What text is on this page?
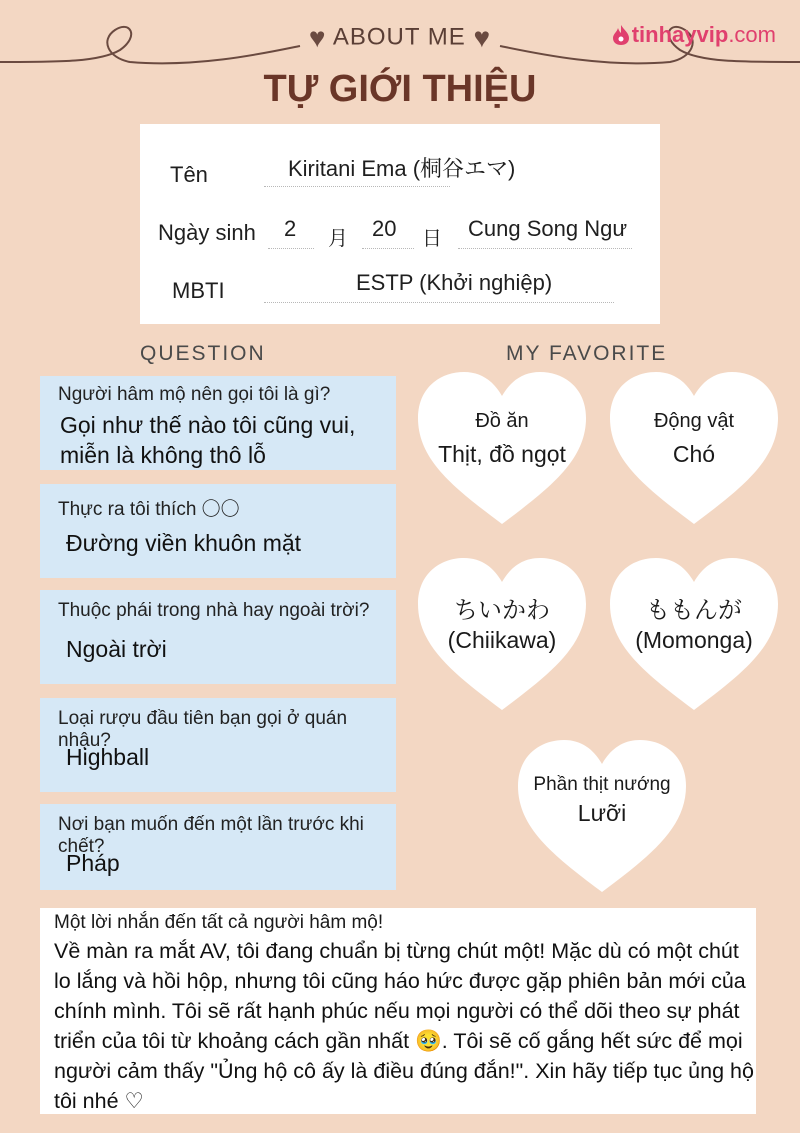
tinhayvip .com
♥ ABOUT ME ♥
TỰ GIỚI THIỆU
Tên	Kiritani Ema (桐谷エマ)
Ngày sinh 2 月 20 日 Cung Song Ngư
MBTI	ESTP (Khởi nghiệp)
QUESTION	MY FAVORITE
Người hâm mộ nên gọi tôi là gì?
Gọi như thế nào tôi cũng vui, miễn là không thô lỗ
Thực ra tôi thích 〇〇
Đường viền khuôn mặt
Thuộc phái trong nhà hay ngoài trời?
Ngoài trời
Loại rượu đầu tiên bạn gọi ở quán nhậu?
Highball
Nơi bạn muốn đến một lần trước khi chết?
Pháp
Đồ ăn
Thịt, đồ ngọt
Động vật
Chó
ちいかわ
(Chiikawa)
ももんが
(Momonga)
Phần thịt nướng
Lưỡi
Một lời nhắn đến tất cả người hâm mộ!
Về màn ra mắt AV, tôi đang chuẩn bị từng chút một! Mặc dù có một chút lo lắng và hồi hộp, nhưng tôi cũng háo hức được gặp phiên bản mới của chính mình. Tôi sẽ rất hạnh phúc nếu mọi người có thể dõi theo sự phát triển của tôi từ khoảng cách gần nhất 🥹. Tôi sẽ cố gắng hết sức để mọi người cảm thấy "Ủng hộ cô ấy là điều đúng đắn!". Xin hãy tiếp tục ủng hộ tôi nhé ♡
